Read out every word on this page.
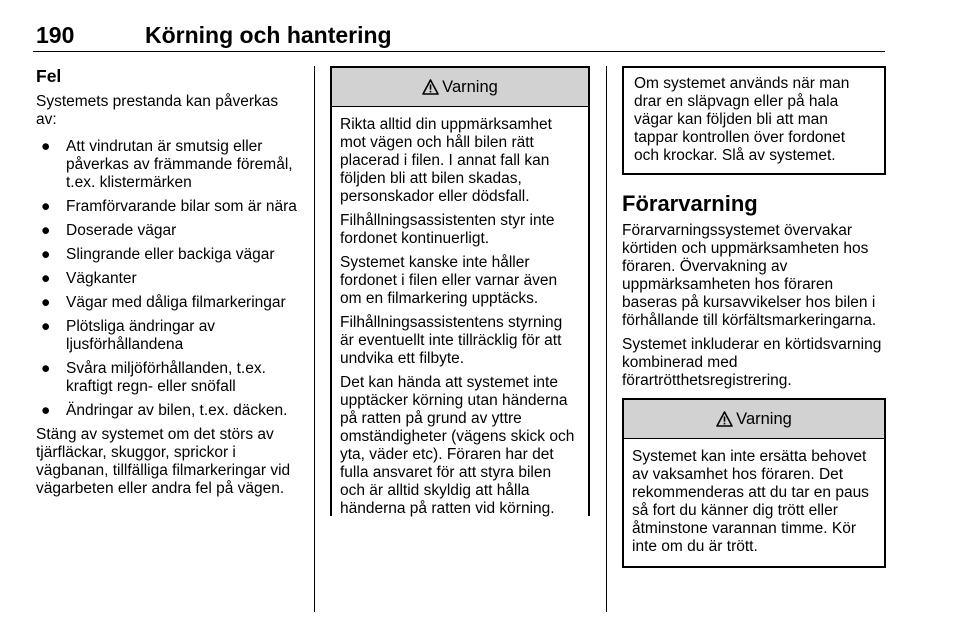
190	Körning och hantering
Fel

Systemets prestanda kan påverkas av:

● Att vindrutan är smutsig eller påverkas av främmande föremål, t.ex. klistermärken
● Framförvarande bilar som är nära
● Doserade vägar
● Slingrande eller backiga vägar
● Vägkanter
● Vägar med dåliga filmarkeringar
● Plötsliga ändringar av ljusförhållandena
● Svåra miljöförhållanden, t.ex. kraftigt regn- eller snöfall
● Ändringar av bilen, t.ex. däcken.

Stäng av systemet om det störs av tjärfläckar, skuggor, sprickor i vägbanan, tillfälliga filmarkeringar vid vägarbeten eller andra fel på vägen.

Varning

Rikta alltid din uppmärksamhet mot vägen och håll bilen rätt placerad i filen. I annat fall kan följden bli att bilen skadas, personskador eller dödsfall.

Filhållningsassistenten styr inte fordonet kontinuerligt.

Systemet kanske inte håller fordonet i filen eller varnar även om en filmarkering upptäcks.

Filhållningsassistentens styrning är eventuellt inte tillräcklig för att undvika ett filbyte.

Det kan hända att systemet inte upptäcker körning utan händerna på ratten på grund av yttre omständigheter (vägens skick och yta, väder etc). Föraren har det fulla ansvaret för att styra bilen och är alltid skyldig att hålla händerna på ratten vid körning.

Om systemet används när man drar en släpvagn eller på hala vägar kan följden bli att man tappar kontrollen över fordonet och krockar. Slå av systemet.

Förarvarning

Förarvarningssystemet övervakar körtiden och uppmärksamheten hos föraren. Övervakning av uppmärksamheten hos föraren baseras på kursavvikelser hos bilen i förhållande till körfältsmarkeringarna.

Systemet inkluderar en körtidsvarning kombinerad med förartrötthetsregistrering.

Varning

Systemet kan inte ersätta behovet av vaksamhet hos föraren. Det rekommenderas att du tar en paus så fort du känner dig trött eller åtminstone varannan timme. Kör inte om du är trött.
